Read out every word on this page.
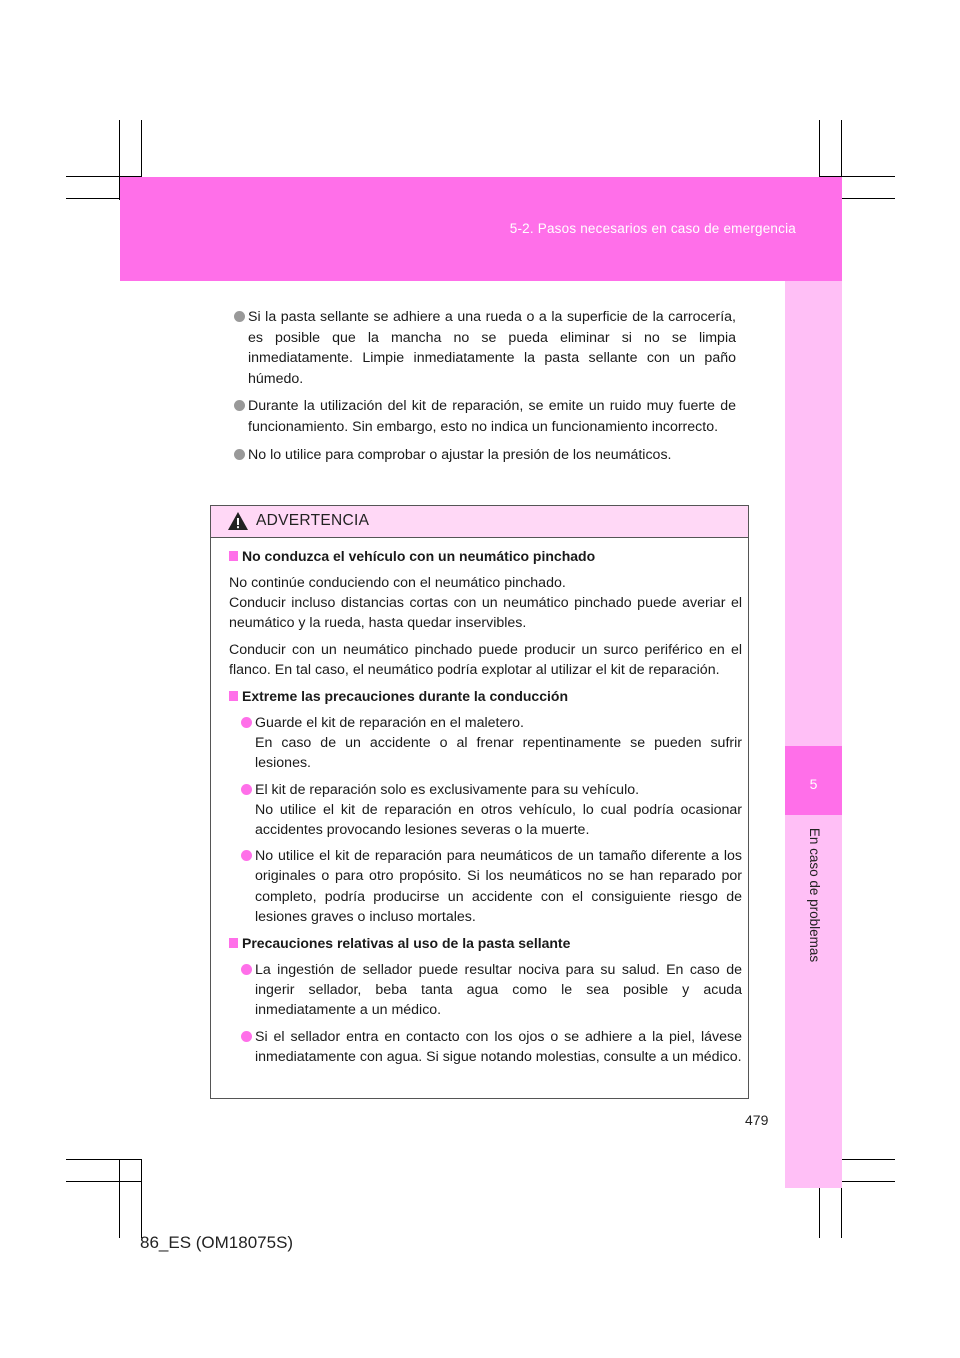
5-2. Pasos necesarios en caso de emergencia
5
En caso de problemas

Si la pasta sellante se adhiere a una rueda o a la superficie de la carrocería, es posible que la mancha no se pueda eliminar si no se limpia inmediatamente. Limpie inmediatamente la pasta sellante con un paño húmedo.

Durante la utilización del kit de reparación, se emite un ruido muy fuerte de funcionamiento. Sin embargo, esto no indica un funcionamiento incorrecto.

No lo utilice para comprobar o ajustar la presión de los neumáticos.

ADVERTENCIA
No conduzca el vehículo con un neumático pinchado

No continúe conduciendo con el neumático pinchado.

Conducir incluso distancias cortas con un neumático pinchado puede averiar el neumático y la rueda, hasta quedar inservibles.

Conducir con un neumático pinchado puede producir un surco periférico en el flanco. En tal caso, el neumático podría explotar al utilizar el kit de reparación.

Extreme las precauciones durante la conducción

Guarde el kit de reparación en el maletero.

En caso de un accidente o al frenar repentinamente se pueden sufrir lesiones.

El kit de reparación solo es exclusivamente para su vehículo.

No utilice el kit de reparación en otros vehículo, lo cual podría ocasionar accidentes provocando lesiones severas o la muerte.

No utilice el kit de reparación para neumáticos de un tamaño diferente a los originales o para otro propósito. Si los neumáticos no se han reparado por completo, podría producirse un accidente con el consiguiente riesgo de lesiones graves o incluso mortales.

Precauciones relativas al uso de la pasta sellante

La ingestión de sellador puede resultar nociva para su salud. En caso de ingerir sellador, beba tanta agua como le sea posible y acuda inmediatamente a un médico.

Si el sellador entra en contacto con los ojos o se adhiere a la piel, lávese inmediatamente con agua. Si sigue notando molestias, consulte a un médico.

479
86_ES (OM18075S)
